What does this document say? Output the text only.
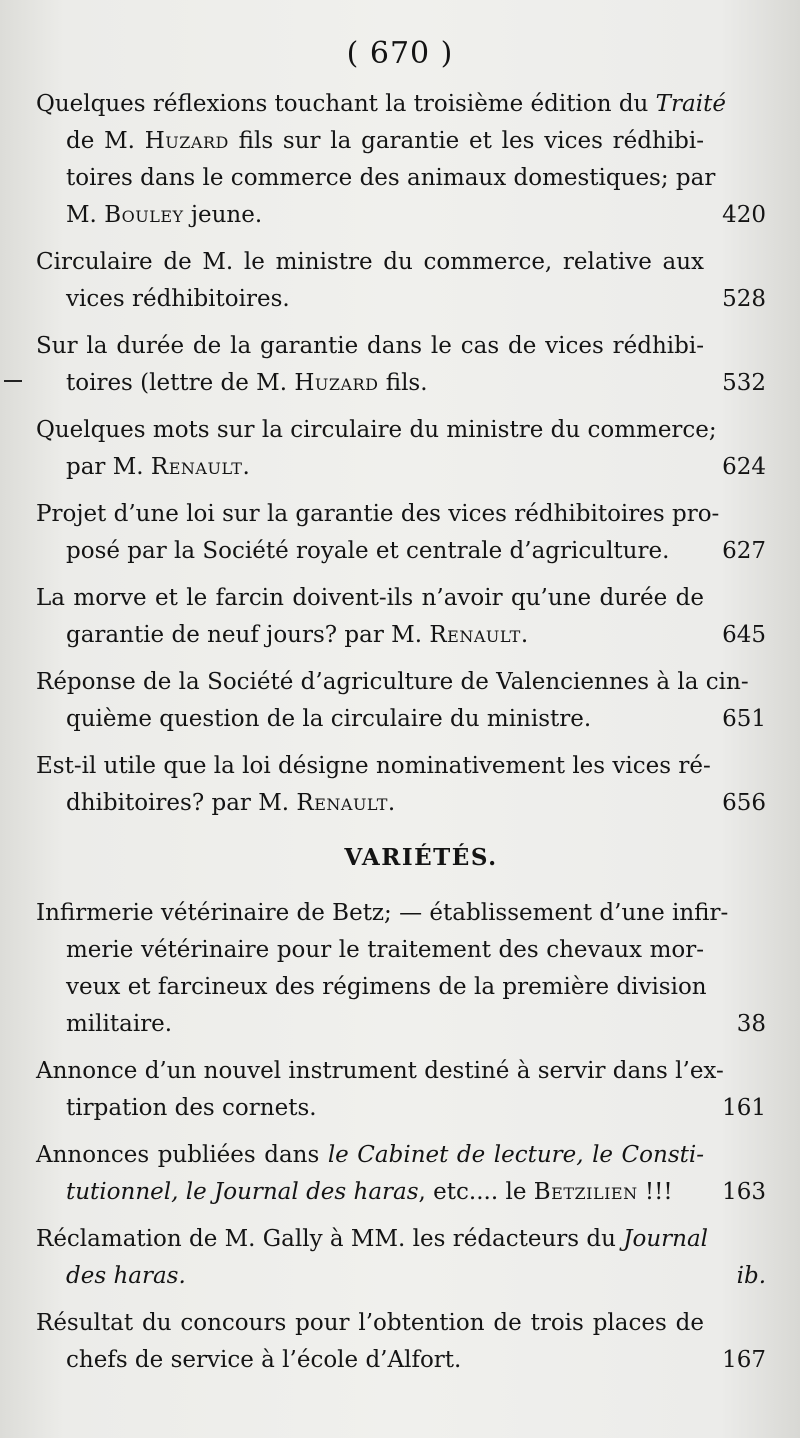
( 670 )
Quelques réflexions touchant la troisième édition du Traité
de M. Huzard fils sur la garantie et les vices rédhibi-
toires dans le commerce des animaux domestiques; par
M. Bouley jeune.	420
Circulaire de M. le ministre du commerce, relative aux
vices rédhibitoires.	528
Sur la durée de la garantie dans le cas de vices rédhibi-
toires (lettre de M. Huzard fils.	532
Quelques mots sur la circulaire du ministre du commerce;
par M. Renault.	624
Projet d’une loi sur la garantie des vices rédhibitoires pro-
posé par la Société royale et centrale d’agriculture.	627
La morve et le farcin doivent-ils n’avoir qu’une durée de
garantie de neuf jours? par M. Renault.	645
Réponse de la Société d’agriculture de Valenciennes à la cin-
quième question de la circulaire du ministre.	651
Est-il utile que la loi désigne nominativement les vices ré-
dhibitoires? par M. Renault.	656
VARIÉTÉS.
Infirmerie vétérinaire de Betz; — établissement d’une infir-
merie vétérinaire pour le traitement des chevaux mor-
veux et farcineux des régimens de la première division
militaire.	38
Annonce d’un nouvel instrument destiné à servir dans l’ex-
tirpation des cornets.	161
Annonces publiées dans le Cabinet de lecture, le Consti-
tutionnel, le Journal des haras, etc.... le Betzilien !!!	163
Réclamation de M. Gally à MM. les rédacteurs du Journal
des haras.	ib.
Résultat du concours pour l’obtention de trois places de
chefs de service à l’école d’Alfort.	167
